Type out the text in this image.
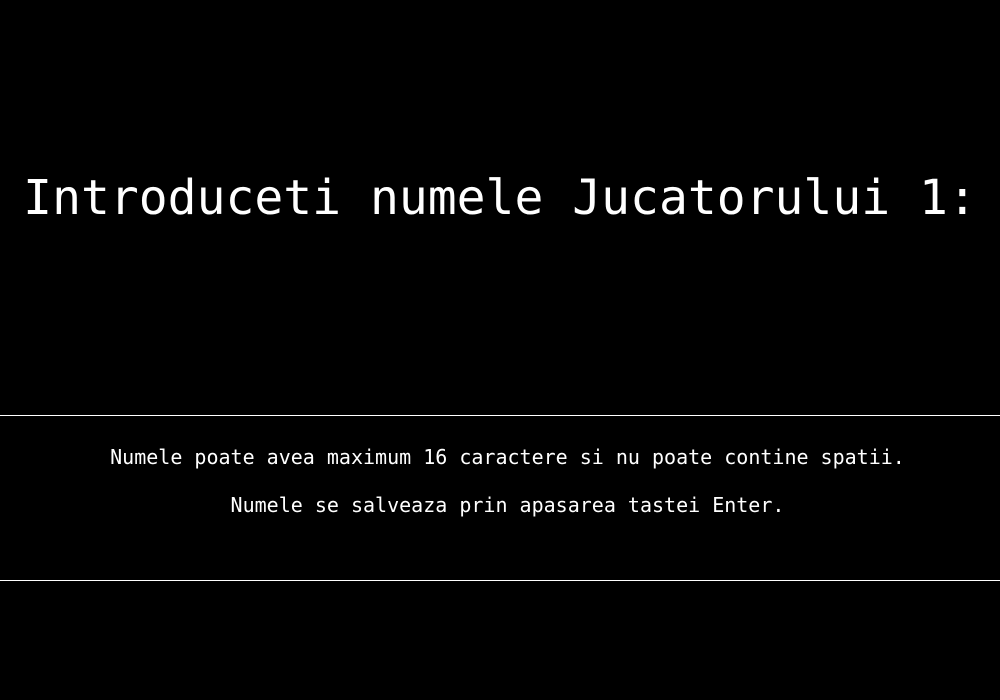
Introduceti numele Jucatorului 1:

Numele poate avea maximum 16 caractere si nu poate contine spatii.

Numele se salveaza prin apasarea tastei Enter.
